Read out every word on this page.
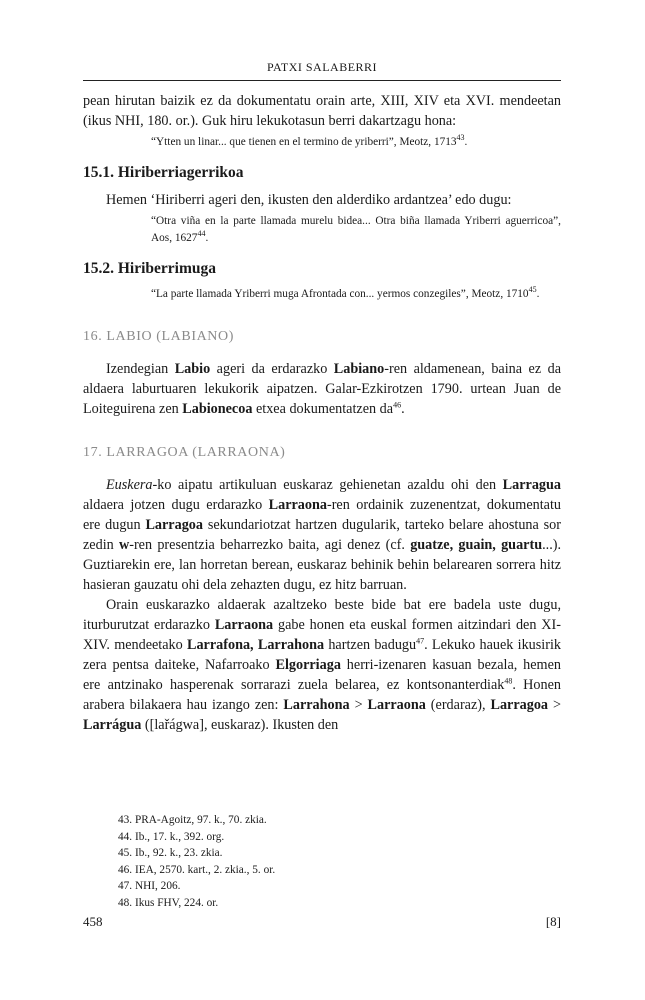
PATXI SALABERRI

pean hirutan baizik ez da dokumentatu orain arte, XIII, XIV eta XVI. mendeetan (ikus NHI, 180. or.). Guk hiru lekukotasun berri dakartzagu hona:

“Ytten un linar... que tienen en el termino de yriberri”, Meotz, 1713$^{43}$.

15.1. Hiriberriagerrikoa

Hemen ‘Hiriberri ageri den, ikusten den alderdiko ardantzea’ edo dugu:

“Otra viña en la parte llamada murelu bidea... Otra biña llamada Yriberri aguerricoa”, Aos, 1627$^{44}$.

15.2. Hiriberrimuga

“La parte llamada Yriberri muga Afrontada con... yermos conzegiles”, Meotz, 1710$^{45}$.

16. LABIO (LABIANO)

Izendegian Labio ageri da erdarazko Labiano-ren aldamenean, baina ez da aldaera laburtuaren lekukorik aipatzen. Galar-Ezkirotzen 1790. urtean Juan de Loiteguirena zen Labionecoa etxea dokumentatzen $da^{46}$.

17. LARRAGOA (LARRAONA)

Euskera-ko aipatu artikuluan euskaraz gehienetan azaldu ohi den Larragua aldaera jotzen dugu erdarazko Larraona-ren ordainik zuzenentzat, dokumentatu ere dugun Larragoa sekundariotzat hartzen dugularik, tarteko belare ahostuna sor zedin w-ren presentzia beharrezko baita, agi denez (cf. guatze, guain, guartu...). Guztiarekin ere, lan horretan berean, euskaraz behinik behin belarearen sorrera hitz hasieran gauzatu ohi dela zehazten dugu, ez hitz barruan.

Orain euskarazko aldaerak azaltzeko beste bide bat ere badela uste dugu, iturburutzat erdarazko Larraona gabe honen eta euskal formen aitzindari den XI-XIV. mendeetako Larrafona, Larrahona hartzen badugu$^{47}$. Lekuko hauek ikusirik zera pentsa daiteke, Nafarroako Elgorriaga herri-izenaren kasuan bezala, hemen ere antzinako hasperenak sorrarazi zuela belarea, ez kontsonanterdiak$^{48}$. Honen arabera bilakaera hau izango zen: Larrahona > Larraona (erdaraz), Larragoa > Larrágua ([lařágwa], euskaraz). Ikusten den

43. PRA-Agoitz, 97. k., 70. zkia.
44. Ib., 17. k., 392. org.
45. Ib., 92. k., 23. zkia.
46. IEA, 2570. kart., 2. zkia., 5. or.
47. NHI, 206.
48. Ikus FHV, 224. or.
458	[8]
